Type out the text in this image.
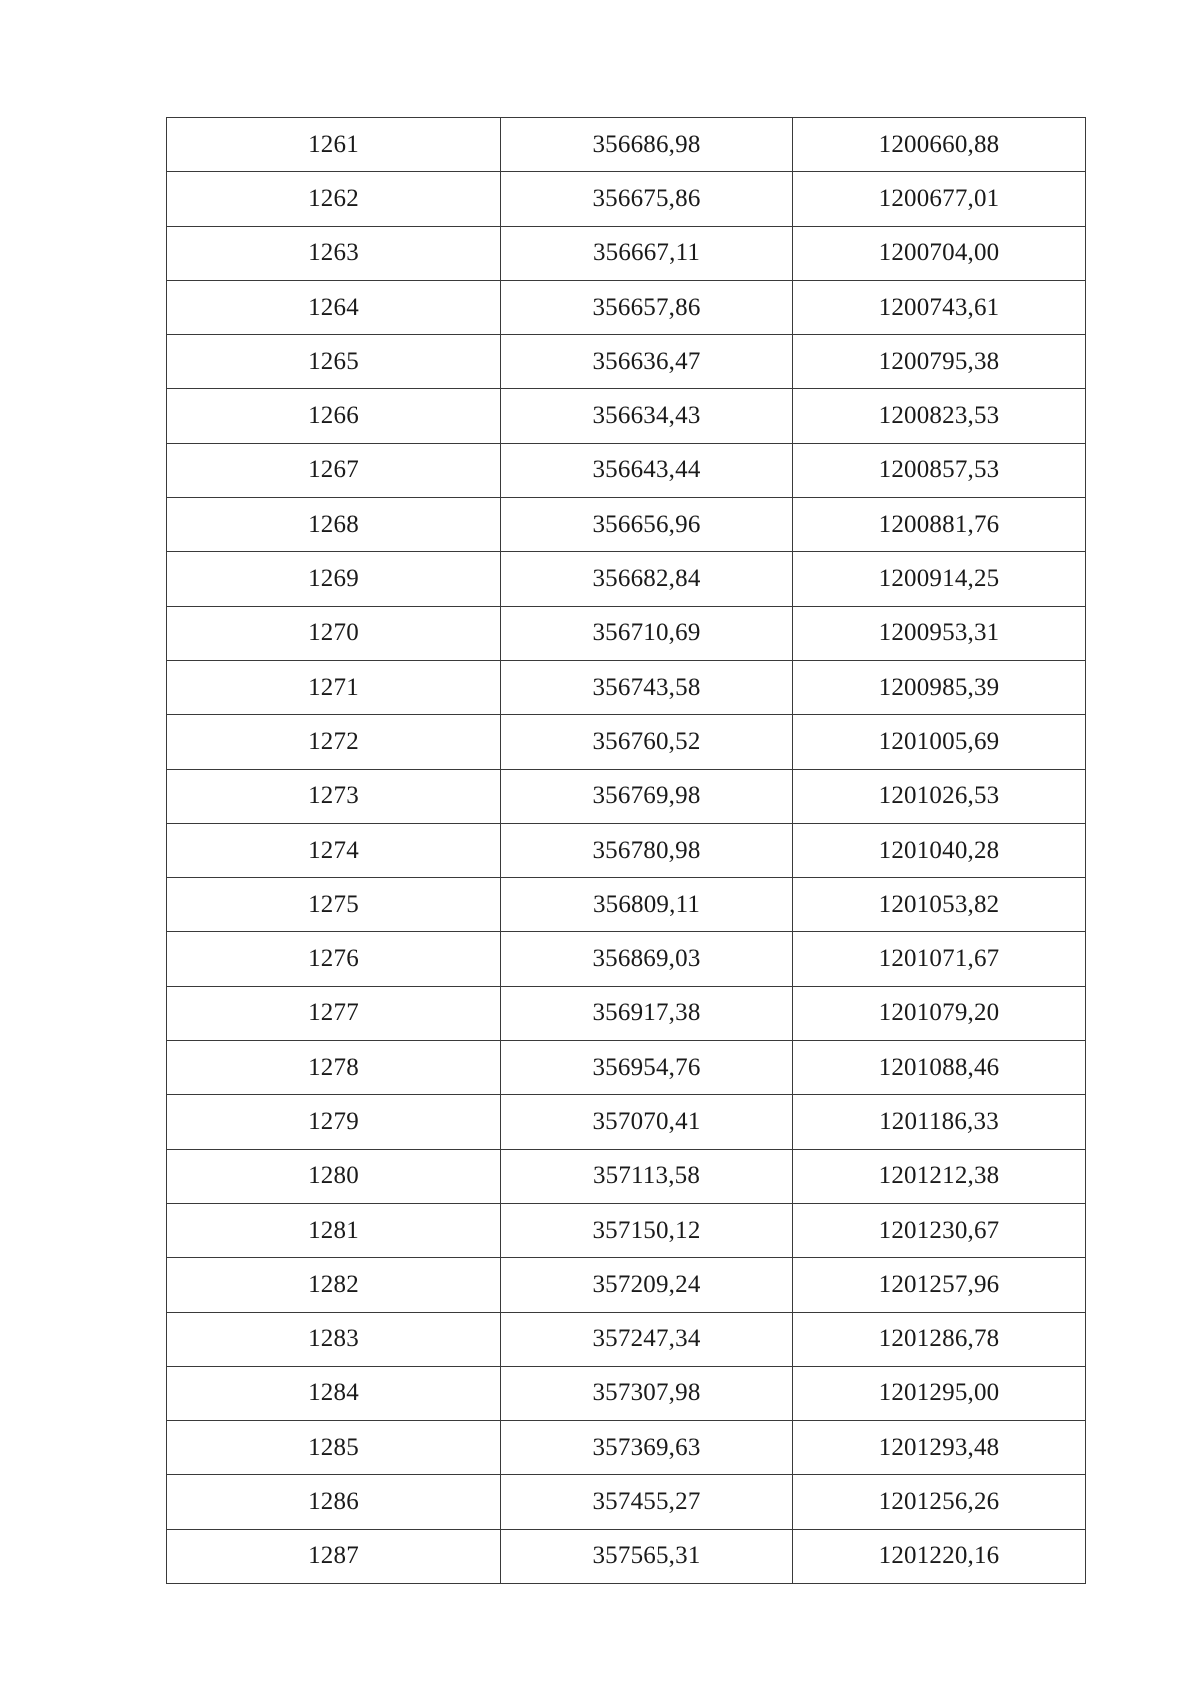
1261	356686,98	1200660,88
1262	356675,86	1200677,01
1263	356667,11	1200704,00
1264	356657,86	1200743,61
1265	356636,47	1200795,38
1266	356634,43	1200823,53
1267	356643,44	1200857,53
1268	356656,96	1200881,76
1269	356682,84	1200914,25
1270	356710,69	1200953,31
1271	356743,58	1200985,39
1272	356760,52	1201005,69
1273	356769,98	1201026,53
1274	356780,98	1201040,28
1275	356809,11	1201053,82
1276	356869,03	1201071,67
1277	356917,38	1201079,20
1278	356954,76	1201088,46
1279	357070,41	1201186,33
1280	357113,58	1201212,38
1281	357150,12	1201230,67
1282	357209,24	1201257,96
1283	357247,34	1201286,78
1284	357307,98	1201295,00
1285	357369,63	1201293,48
1286	357455,27	1201256,26
1287	357565,31	1201220,16
